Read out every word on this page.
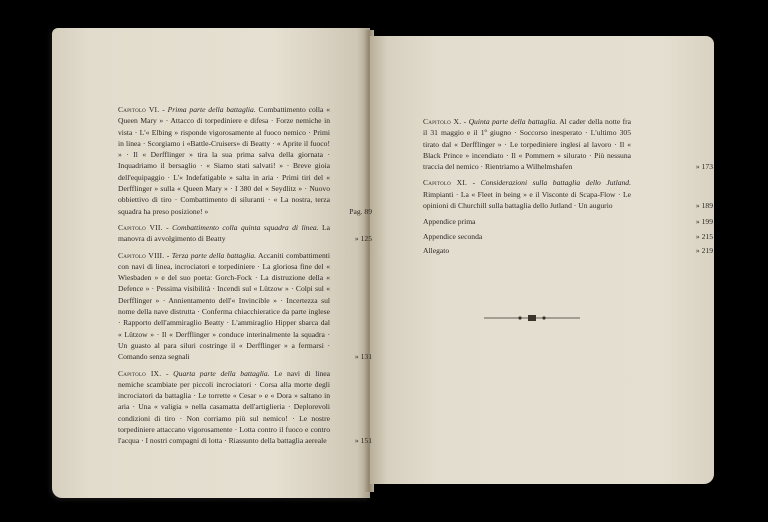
Capitolo VI. - Prima parte della battaglia. Combattimento colla « Queen Mary » · Attacco di torpediniere e difesa · Forze nemiche in vista · L'« Elbing » risponde vigorosamente al fuoco nemico · Primi in linea · Scorgiamo i «Battle-Cruisers» di Beatty · « Aprite il fuoco! » · Il « Derfflinger » tira la sua prima salva della giornata · Inquadriamo il bersaglio · « Siamo stati salvati! » · Breve gioia dell'equipaggio · L'« Indefatigable » salta in aria · Primi tiri del « Derfflinger » sulla « Queen Mary » · I 380 del « Seydlitz » · Nuovo obbiettivo di tiro · Combattimento di siluranti · « La nostra, terza squadra ha preso posizione! »	Pag. 89

Capitolo VII. - Combattimento colla quinta squadra di linea. La manovra di avvolgimento di Beatty	» 125

Capitolo VIII. - Terza parte della battaglia. Accaniti combattimenti con navi di linea, incrociatori e torpediniere · La gloriosa fine del « Wiesbaden » e del suo poeta: Gorch-Fock · La distruzione della « Defence » · Pessima visibilità · Incendi sul « Lützow » · Colpi sul « Derfflinger » · Annientamento dell'« Invincible » · Incertezza sul nome della nave distrutta · Conferma chiacchieratice da parte inglese · Rapporto dell'ammiraglio Beatty · L'ammiraglio Hipper sbarca dal « Lützow » · Il « Derfflinger » conduce interinalmente la squadra · Un guasto al para siluri costringe il « Derfflinger » a fermarsi · Comando senza segnali	» 131

Capitolo IX. - Quarta parte della battaglia. Le navi di linea nemiche scambiate per piccoli incrociatori · Corsa alla morte degli incrociatori da battaglia · Le torrette « Cesar » e « Dora » saltano in aria · Una « valigia » nella casamatta dell'artiglieria · Deplorevoli condizioni di tiro · Non corriamo più sul nemico! · Le nostre torpediniere attaccano vigorosamente · Lotta contro il fuoco e contro l'acqua · I nostri compagni di lotta · Riassunto della battaglia aereale	» 151

Capitolo X. - Quinta parte della battaglia. Al cader della notte fra il 31 maggio e il 1º giugno · Soccorso inesperato · L'ultimo 305 tirato dal « Derfflinger » · Le torpediniere inglesi al lavoro · Il « Black Prince » incendiato · Il « Pommern » silurato · Più nessuna traccia del nemico · Rientriamo a Wilhelmshafen	» 173

Capitolo XI. - Considerazioni sulla battaglia dello Jutland. Rimpianti · La « Fleet in being » e il Visconte di Scapa-Flow · Le opinioni di Churchill sulla battaglia dello Jutland · Un augurio	» 189
Appendice prima	» 199
Appendice seconda	» 215
Allegato	» 219
